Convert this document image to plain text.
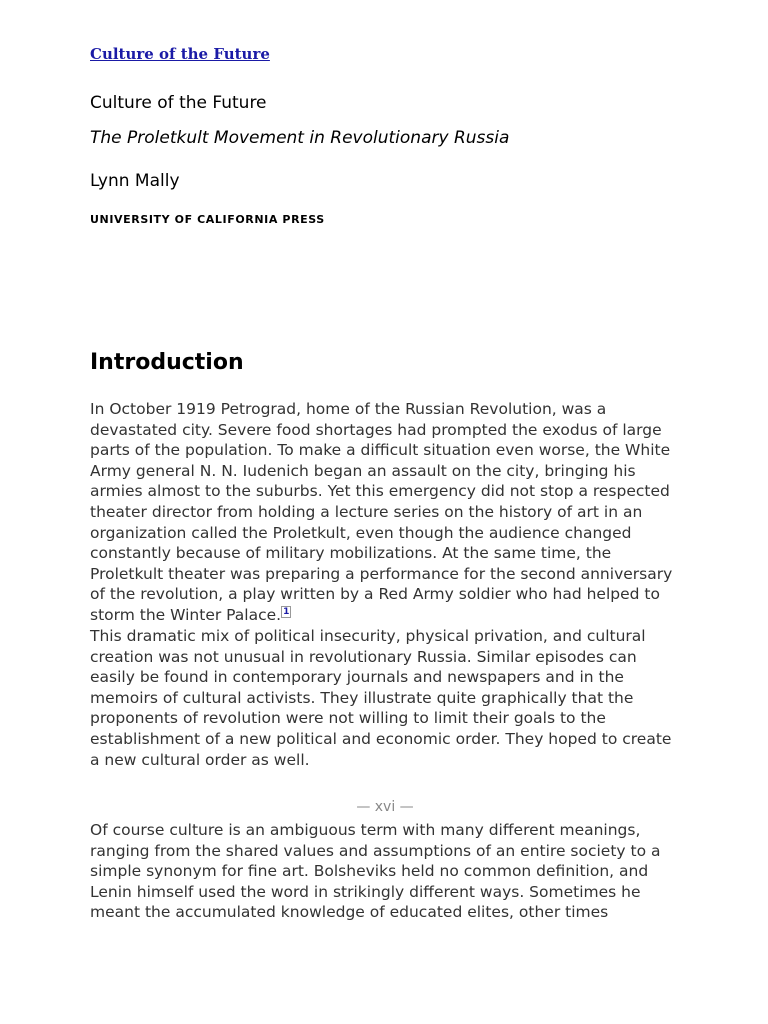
Culture of the Future
Culture of the Future
The Proletkult Movement in Revolutionary Russia
Lynn Mally
UNIVERSITY OF CALIFORNIA PRESS
Introduction

In October 1919 Petrograd, home of the Russian Revolution, was a devastated city. Severe food shortages had prompted the exodus of large parts of the population. To make a difficult situation even worse, the White Army general N. N. Iudenich began an assault on the city, bringing his armies almost to the suburbs. Yet this emergency did not stop a respected theater director from holding a lecture series on the history of art in an organization called the Proletkult, even though the audience changed constantly because of military mobilizations. At the same time, the Proletkult theater was preparing a performance for the second anniversary of the revolution, a play written by a Red Army soldier who had helped to storm the Winter Palace. $^1$

This dramatic mix of political insecurity, physical privation, and cultural creation was not unusual in revolutionary Russia. Similar episodes can easily be found in contemporary journals and newspapers and in the memoirs of cultural activists. They illustrate quite graphically that the proponents of revolution were not willing to limit their goals to the establishment of a new political and economic order. They hoped to create a new cultural order as well.

— xvi —

Of course culture is an ambiguous term with many different meanings, ranging from the shared values and assumptions of an entire society to a simple synonym for fine art. Bolsheviks held no common definition, and Lenin himself used the word in strikingly different ways. Sometimes he meant the accumulated knowledge of educated elites, other times
